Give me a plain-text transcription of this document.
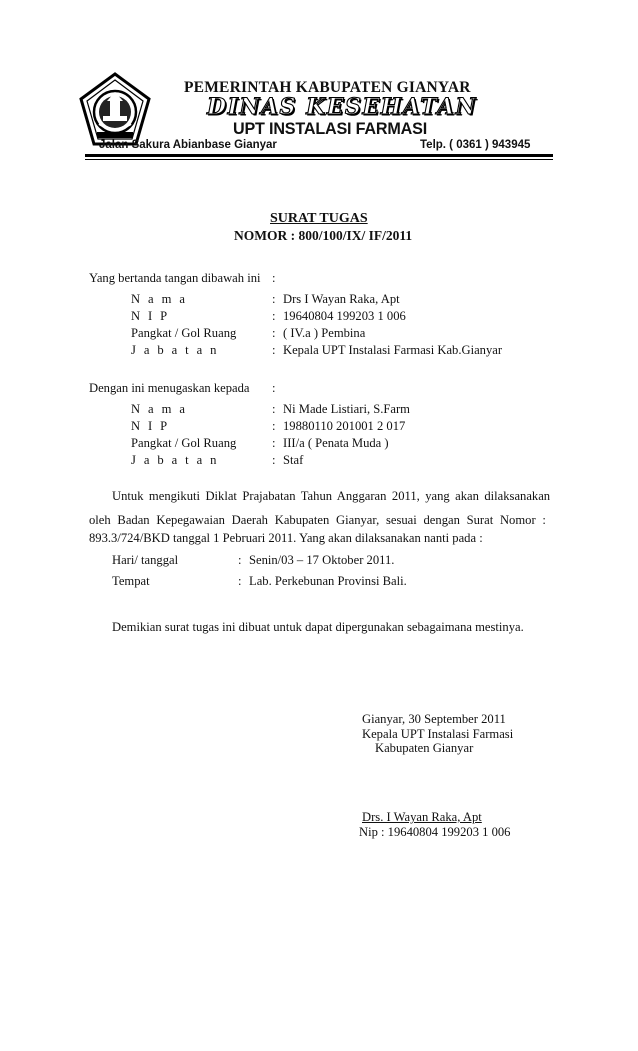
PEMERINTAH KABUPATEN GIANYAR
DINAS KESEHATAN
UPT INSTALASI FARMASI
Jalan Sakura Abianbase Gianyar	Telp. ( 0361 ) 943945
SURAT TUGAS
NOMOR : 800/100/IX/ IF/2011
Yang bertanda tangan dibawah ini :
N a m a	: Drs I Wayan Raka, Apt
N I P	: 19640804 199203 1 006
Pangkat / Gol Ruang	: ( IV.a ) Pembina
J a b a t a n	: Kepala UPT Instalasi Farmasi Kab.Gianyar
Dengan ini menugaskan kepada :
N a m a	: Ni Made Listiari, S.Farm
N I P	: 19880110 201001 2 017
Pangkat / Gol Ruang	: III/a ( Penata Muda )
J a b a t a n	: Staf
Untuk mengikuti Diklat Prajabatan Tahun Anggaran 2011, yang akan dilaksanakan
oleh Badan Kepegawaian Daerah Kabupaten Gianyar, sesuai dengan Surat Nomor :
893.3/724/BKD tanggal 1 Pebruari 2011. Yang akan dilaksanakan nanti pada :
Hari/ tanggal	: Senin/03 – 17 Oktober 2011.
Tempat	: Lab. Perkebunan Provinsi Bali.
Demikian surat tugas ini dibuat untuk dapat dipergunakan sebagaimana mestinya.
Gianyar, 30 September 2011
Kepala UPT Instalasi Farmasi
Kabupaten Gianyar
Drs. I Wayan Raka, Apt
Nip : 19640804 199203 1 006
